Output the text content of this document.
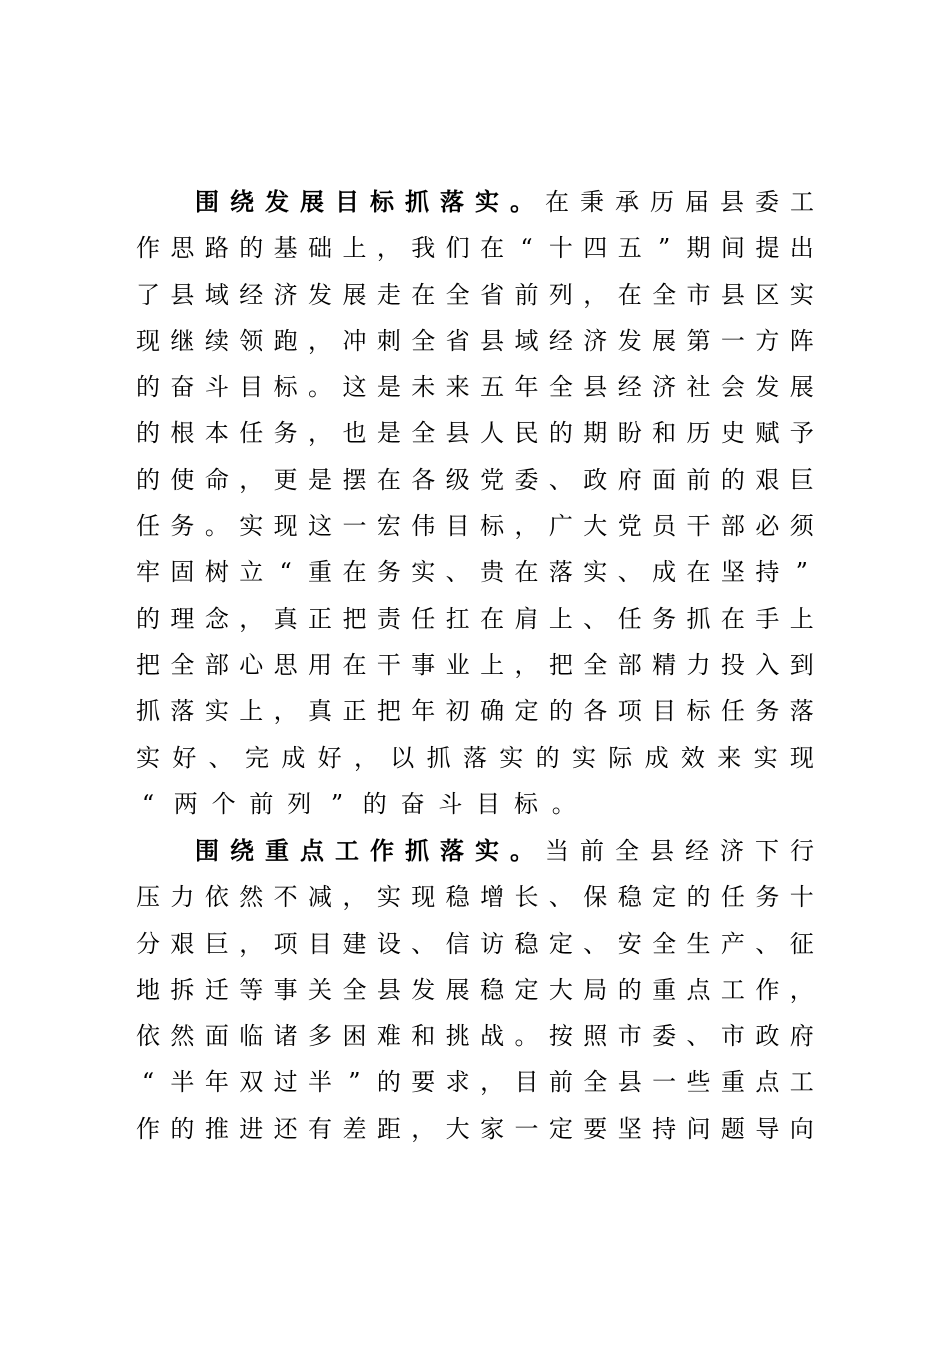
围 绕 发 展 目 标 抓 落 实 。 在 秉 承 历 届 县 委 工
作 思 路 的 基 础 上 ， 我 们 在 “ 十 四 五 ” 期 间 提 出
了 县 域 经 济 发 展 走 在 全 省 前 列 ， 在 全 市 县 区 实
现 继 续 领 跑 ， 冲 刺 全 省 县 域 经 济 发 展 第 一 方 阵
的 奋 斗 目 标 。 这 是 未 来 五 年 全 县 经 济 社 会 发 展
的 根 本 任 务 ， 也 是 全 县 人 民 的 期 盼 和 历 史 赋 予
的 使 命 ， 更 是 摆 在 各 级 党 委 、 政 府 面 前 的 艰 巨
任 务 。 实 现 这 一 宏 伟 目 标 ， 广 大 党 员 干 部 必 须
牢 固 树 立 “ 重 在 务 实 、 贵 在 落 实 、 成 在 坚 持 ”
的 理 念 ， 真 正 把 责 任 扛 在 肩 上 、 任 务 抓 在 手 上
把 全 部 心 思 用 在 干 事 业 上 ， 把 全 部 精 力 投 入 到
抓 落 实 上 ， 真 正 把 年 初 确 定 的 各 项 目 标 任 务 落
实 好 、 完 成 好 ， 以 抓 落 实 的 实 际 成 效 来 实 现
“ 两 个 前 列 ” 的 奋 斗 目 标 。
围 绕 重 点 工 作 抓 落 实 。 当 前 全 县 经 济 下 行
压 力 依 然 不 减 ， 实 现 稳 增 长 、 保 稳 定 的 任 务 十
分 艰 巨 ， 项 目 建 设 、 信 访 稳 定 、 安 全 生 产 、 征
地 拆 迁 等 事 关 全 县 发 展 稳 定 大 局 的 重 点 工 作 ，
依 然 面 临 诸 多 困 难 和 挑 战 。 按 照 市 委 、 市 政 府
“ 半 年 双 过 半 ” 的 要 求 ， 目 前 全 县 一 些 重 点 工
作 的 推 进 还 有 差 距 ， 大 家 一 定 要 坚 持 问 题 导 向
